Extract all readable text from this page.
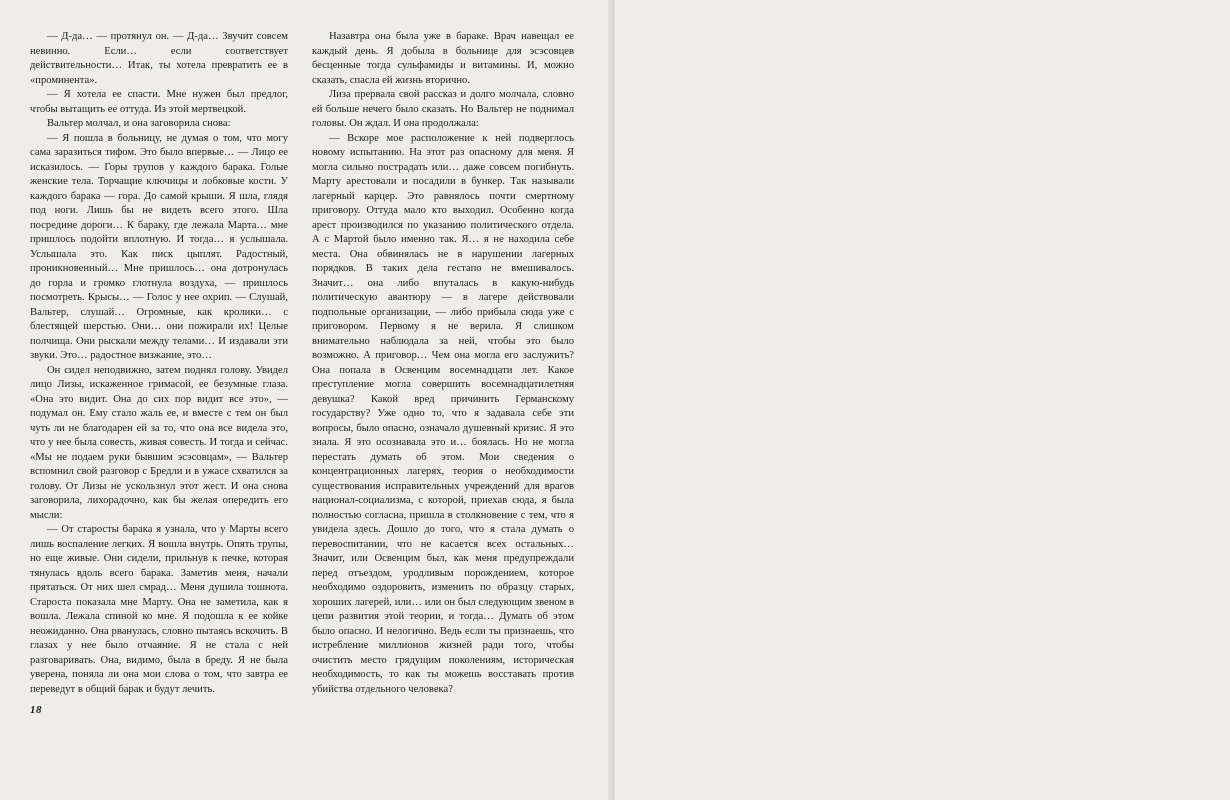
— Д-да… — протянул он. — Д-да… Звучит совсем невинно. Если… если соответствует действительности… Итак, ты хотела превратить ее в «проминента».

— Я хотела ее спасти. Мне нужен был предлог, чтобы вытащить ее оттуда. Из этой мертвецкой.

Вальтер молчал, и она заговорила снова:

— Я пошла в больницу, не думая о том, что могу сама заразиться тифом. Это было впервые… — Лицо ее исказилось. — Горы трупов у каждого барака. Голые женские тела. Торчащие ключицы и лобковые кости. У каждого барака — гора. До самой крыши. Я шла, глядя под ноги. Лишь бы не видеть всего этого. Шла посредине дороги… К бараку, где лежала Марта… мне пришлось подойти вплотную. И тогда… я услышала. Услышала это. Как писк цыплят. Радостный, проникновенный… Мне пришлось… она дотронулась до горла и громко глотнула воздуха, — пришлось посмотреть. Крысы… — Голос у нее охрип. — Слушай, Вальтер, слушай… Огромные, как кролики… с блестящей шерстью. Они… они пожирали их! Целые полчища. Они рыскали между телами… И издавали эти звуки. Это… радостное визжание, это…

Он сидел неподвижно, затем поднял голову. Увидел лицо Лизы, искаженное гримасой, ее безумные глаза. «Она это видит. Она до сих пор видит все это», — подумал он. Ему стало жаль ее, и вместе с тем он был чуть ли не благодарен ей за то, что она все видела это, что у нее была совесть, живая совесть. И тогда и сейчас. «Мы не подаем руки бывшим эсэсовцам», — Вальтер вспомнил свой разговор с Бредли и в ужасе схватился за голову. От Лизы не ускользнул этот жест. И она снова заговорила, лихорадочно, как бы желая опередить его мысли:

— От старосты барака я узнала, что у Марты всего лишь воспаление легких. Я вошла внутрь. Опять трупы, но еще живые. Они сидели, прильнув к печке, которая тянулась вдоль всего барака. Заметив меня, начали прятаться. От них шел смрад… Меня душила тошнота. Староста показала мне Марту. Она не заметила, как я вошла. Лежала спиной ко мне. Я подошла к ее койке неожиданно. Она рванулась, словно пытаясь вскочить. В глазах у нее было отчаяние. Я не стала с ней разговаривать. Она, видимо, была в бреду. Я не была уверена, поняла ли она мои слова о том, что завтра ее переведут в общий барак и будут лечить.

Назавтра она была уже в бараке. Врач навещал ее каждый день. Я добыла в больнице для эсэсовцев бесценные тогда сульфамиды и витамины. И, можно сказать, спасла ей жизнь вторично.

Лиза прервала свой рассказ и долго молчала, словно ей больше нечего было сказать. Но Вальтер не поднимал головы. Он ждал. И она продолжала:

— Вскоре мое расположение к ней подверглось новому испытанию. На этот раз опасному для меня. Я могла сильно пострадать или… даже совсем погибнуть. Марту арестовали и посадили в бункер. Так называли лагерный карцер. Это равнялось почти смертному приговору. Оттуда мало кто выходил. Особенно когда арест производился по указанию политического отдела. А с Мартой было именно так. Я… я не находила себе места. Она обвинялась не в нарушении лагерных порядков. В таких дела гестапо не вмешивалось. Значит… она либо впуталась в какую-нибудь политическую авантюру — в лагере действовали подпольные организации, — либо прибыла сюда уже с приговором. Первому я не верила. Я слишком внимательно наблюдала за ней, чтобы это было возможно. А приговор… Чем она могла его заслужить? Она попала в Освенцим восемнадцати лет. Какое преступление могла совершить восемнадцатилетняя девушка? Какой вред причинить Германскому государству? Уже одно то, что я задавала себе эти вопросы, было опасно, означало душевный кризис. Я это знала. Я это осознавала это и… боялась. Но не могла перестать думать об этом. Мои сведения о концентрационных лагерях, теория о необходимости существования исправительных учреждений для врагов национал-социализма, с которой, приехав сюда, я была полностью согласна, пришла в столкновение с тем, что я увидела здесь. Дошло до того, что я стала думать о перевоспитании, что не касается всех остальных… Значит, или Освенцим был, как меня предупреждали перед отъездом, уродливым порождением, которое необходимо оздоровить, изменить по образцу старых, хороших лагерей, или… или он был следующим звеном в цепи развития этой теории, и тогда… Думать об этом было опасно. И нелогично. Ведь если ты признаешь, что истребление миллионов жизней ради того, чтобы очистить место грядущим поколениям, историческая необходимость, то как ты можешь восставать против убийства отдельного человека?

18
